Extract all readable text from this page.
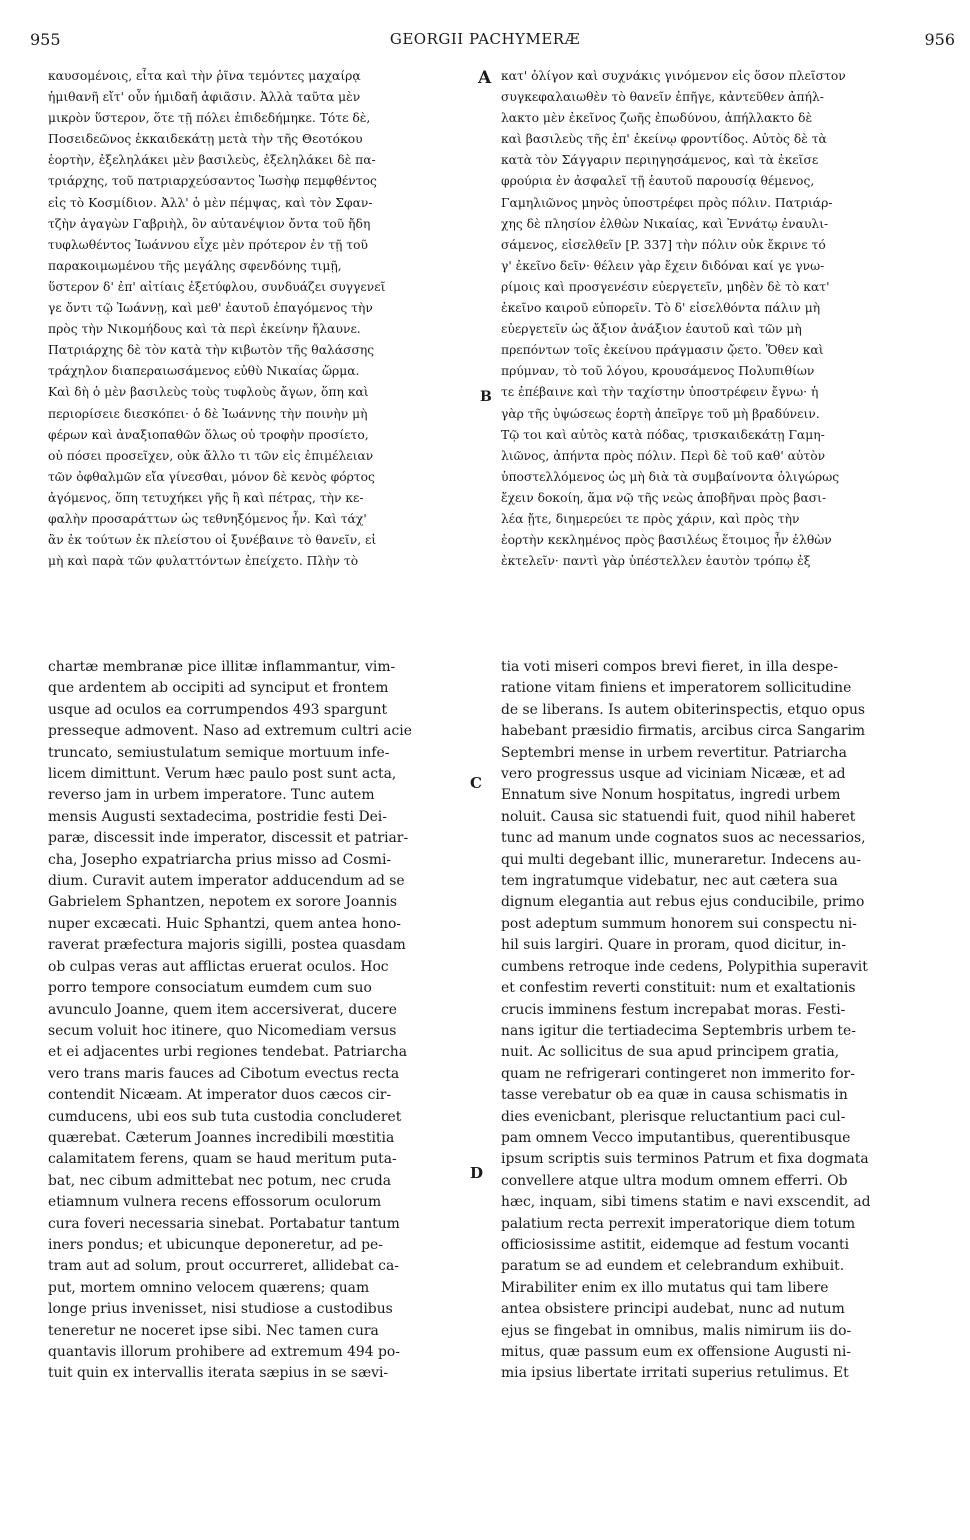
955	GEORGII PACHYMERÆ	956
A
B
C
D
καυσομένοις, εἶτα καὶ τὴν ῥῖνα τεμόντες μαχαίρᾳ
ἡμιθανῆ εἴτ' οὖν ἡμιδαῆ ἀφιᾶσιν. Ἀλλὰ ταῦτα μὲν
μικρὸν ὕστερον, ὅτε τῇ πόλει ἐπιδεδήμηκε. Τότε δὲ,
Ποσειδεῶνος ἑκκαιδεκάτῃ μετὰ τὴν τῆς Θεοτόκου
ἑορτὴν, ἐξεληλάκει μὲν βασιλεὺς, ἐξεληλάκει δὲ πα-
τριάρχης, τοῦ πατριαρχεύσαντος Ἰωσὴφ πεμφθέντος
εἰς τὸ Κοσμίδιον. Ἀλλ' ὁ μὲν πέμψας, καὶ τὸν Σφαν-
τζὴν ἀγαγὼν Γαβριὴλ, ὃν αὐτανέψιον ὄντα τοῦ ἤδη
τυφλωθέντος Ἰωάννου εἶχε μὲν πρότερον ἐν τῇ τοῦ
παρακοιμωμένου τῆς μεγάλης σφενδόνης τιμῇ,
ὕστερον δ' ἐπ' αἰτίαις ἐξετύφλου, συνδυάζει συγγενεῖ
γε ὄντι τῷ Ἰωάννῃ, καὶ μεθ' ἑαυτοῦ ἐπαγόμενος τὴν
πρὸς τὴν Νικομήδους καὶ τὰ περὶ ἐκείνην ἤλαυνε.
Πατριάρχης δὲ τὸν κατὰ τὴν κιβωτὸν τῆς θαλάσσης
τράχηλον διαπεραιωσάμενος εὐθὺ Νικαίας ὥρμα.
Καὶ δὴ ὁ μὲν βασιλεὺς τοὺς τυφλοὺς ἄγων, ὅπη καὶ
περιορίσειε διεσκόπει· ὁ δὲ Ἰωάννης τὴν ποινὴν μὴ
φέρων καὶ ἀναξιοπαθῶν ὅλως οὐ τροφὴν προσίετο,
οὐ πόσει προσεῖχεν, οὐκ ἄλλο τι τῶν εἰς ἐπιμέλειαν
τῶν ὀφθαλμῶν εἴα γίνεσθαι, μόνον δὲ κενὸς φόρτος
ἀγόμενος, ὅπη τετυχήκει γῆς ἢ καὶ πέτρας, τὴν κε-
φαλὴν προσαράττων ὡς τεθνηξόμενος ἦν. Καὶ τάχ'
ἂν ἐκ τούτων ἐκ πλείστου οἱ ξυνέβαινε τὸ θανεῖν, εἰ
μὴ καὶ παρὰ τῶν φυλαττόντων ἐπείχετο. Πλὴν τὸ
κατ' ὀλίγον καὶ συχνάκις γινόμενον εἰς ὅσον πλεῖστον
συγκεφαλαιωθὲν τὸ θανεῖν ἐπῆγε, κἀντεῦθεν ἀπήλ-
λακτο μὲν ἐκεῖνος ζωῆς ἐπωδύνου, ἀπήλλακτο δὲ
καὶ βασιλεὺς τῆς ἐπ' ἐκείνῳ φροντίδος. Αὐτὸς δὲ τὰ
κατὰ τὸν Σάγγαριν περιηγησάμενος, καὶ τὰ ἐκεῖσε
φρούρια ἐν ἀσφαλεῖ τῇ ἑαυτοῦ παρουσίᾳ θέμενος,
Γαμηλιῶνος μηνὸς ὑποστρέφει πρὸς πόλιν. Πατριάρ-
χης δὲ πλησίον ἐλθὼν Νικαίας, καὶ Ἐννάτῳ ἐναυλι-
σάμενος, εἰσελθεῖν [P. 337] τὴν πόλιν οὐκ ἔκρινε τό
γ' ἐκεῖνο δεῖν· θέλειν γὰρ ἔχειν διδόναι καί γε γνω-
ρίμοις καὶ προσγενέσιν εὐεργετεῖν, μηδὲν δὲ τὸ κατ'
ἐκεῖνο καιροῦ εὐπορεῖν. Τὸ δ' εἰσελθόντα πάλιν μὴ
εὐεργετεῖν ὡς ἄξιον ἀνάξιον ἑαυτοῦ καὶ τῶν μὴ
πρεπόντων τοῖς ἐκείνου πράγμασιν ᾤετο. Ὅθεν καὶ
πρύμναν, τὸ τοῦ λόγου, κρουσάμενος Πολυπιθίων
τε ἐπέβαινε καὶ τὴν ταχίστην ὑποστρέφειν ἔγνω· ἡ
γὰρ τῆς ὑψώσεως ἑορτὴ ἀπεῖργε τοῦ μὴ βραδύνειν.
Τῷ τοι καὶ αὐτὸς κατὰ πόδας, τρισκαιδεκάτῃ Γαμη-
λιῶνος, ἀπήντα πρὸς πόλιν. Περὶ δὲ τοῦ καθ' αὐτὸν
ὑποστελλόμενος ὡς μὴ διὰ τὰ συμβαίνοντα ὀλιγώρως
ἔχειν δοκοίη, ἅμα νῷ τῆς νεὼς ἀποβῆναι πρὸς βασι-
λέα ᾔτε, διημερεύει τε πρὸς χάριν, καὶ πρὸς τὴν
ἑορτὴν κεκλημένος πρὸς βασιλέως ἕτοιμος ἦν ἐλθὼν
ἐκτελεῖν· παντὶ γὰρ ὑπέστελλεν ἑαυτὸν τρόπῳ ἐξ
chartæ membranæ pice illitæ inflammantur, vim-
que ardentem ab occipiti ad synciput et frontem
usque ad oculos ea corrumpendos 493 spargunt
presseque admovent. Naso ad extremum cultri acie
truncato, semiustulatum semique mortuum infe-
licem dimittunt. Verum hæc paulo post sunt acta,
reverso jam in urbem imperatore. Tunc autem
mensis Augusti sextadecima, postridie festi Dei-
paræ, discessit inde imperator, discessit et patriar-
cha, Josepho expatriarcha prius misso ad Cosmi-
dium. Curavit autem imperator adducendum ad se
Gabrielem Sphantzen, nepotem ex sorore Joannis
nuper excæcati. Huic Sphantzi, quem antea hono-
raverat præfectura majoris sigilli, postea quasdam
ob culpas veras aut afflictas eruerat oculos. Hoc
porro tempore consociatum eumdem cum suo
avunculo Joanne, quem item accersiverat, ducere
secum voluit hoc itinere, quo Nicomediam versus
et ei adjacentes urbi regiones tendebat. Patriarcha
vero trans maris fauces ad Cibotum evectus recta
contendit Nicæam. At imperator duos cæcos cir-
cumducens, ubi eos sub tuta custodia concluderet
quærebat. Cæterum Joannes incredibili mœstitia
calamitatem ferens, quam se haud meritum puta-
bat, nec cibum admittebat nec potum, nec cruda
etiamnum vulnera recens effossorum oculorum
cura foveri necessaria sinebat. Portabatur tantum
iners pondus; et ubicunque deponeretur, ad pe-
tram aut ad solum, prout occurreret, allidebat ca-
put, mortem omnino velocem quærens; quam
longe prius invenisset, nisi studiose a custodibus
teneretur ne noceret ipse sibi. Nec tamen cura
quantavis illorum prohibere ad extremum 494 po-
tuit quin ex intervallis iterata sæpius in se sævi-
tia voti miseri compos brevi fieret, in illa despe-
ratione vitam finiens et imperatorem sollicitudine
de se liberans. Is autem obiterinspectis, etquo opus
habebant præsidio firmatis, arcibus circa Sangarim
Septembri mense in urbem revertitur. Patriarcha
vero progressus usque ad viciniam Nicææ, et ad
Ennatum sive Nonum hospitatus, ingredi urbem
noluit. Causa sic statuendi fuit, quod nihil haberet
tunc ad manum unde cognatos suos ac necessarios,
qui multi degebant illic, muneraretur. Indecens au-
tem ingratumque videbatur, nec aut cætera sua
dignum elegantia aut rebus ejus conducibile, primo
post adeptum summum honorem sui conspectu ni-
hil suis largiri. Quare in proram, quod dicitur, in-
cumbens retroque inde cedens, Polypithia superavit
et confestim reverti constituit: num et exaltationis
crucis imminens festum increpabat moras. Festi-
nans igitur die tertiadecima Septembris urbem te-
nuit. Ac sollicitus de sua apud principem gratia,
quam ne refrigerari contingeret non immerito for-
tasse verebatur ob ea quæ in causa schismatis in
dies evenicbant, plerisque reluctantium paci cul-
pam omnem Vecco imputantibus, querentibusque
ipsum scriptis suis terminos Patrum et fixa dogmata
convellere atque ultra modum omnem efferri. Ob
hæc, inquam, sibi timens statim e navi exscendit, ad
palatium recta perrexit imperatorique diem totum
officiosissime astitit, eidemque ad festum vocanti
paratum se ad eundem et celebrandum exhibuit.
Mirabiliter enim ex illo mutatus qui tam libere
antea obsistere principi audebat, nunc ad nutum
ejus se fingebat in omnibus, malis nimirum iis do-
mitus, quæ passum eum ex offensione Augusti ni-
mia ipsius libertate irritati superius retulimus. Et
